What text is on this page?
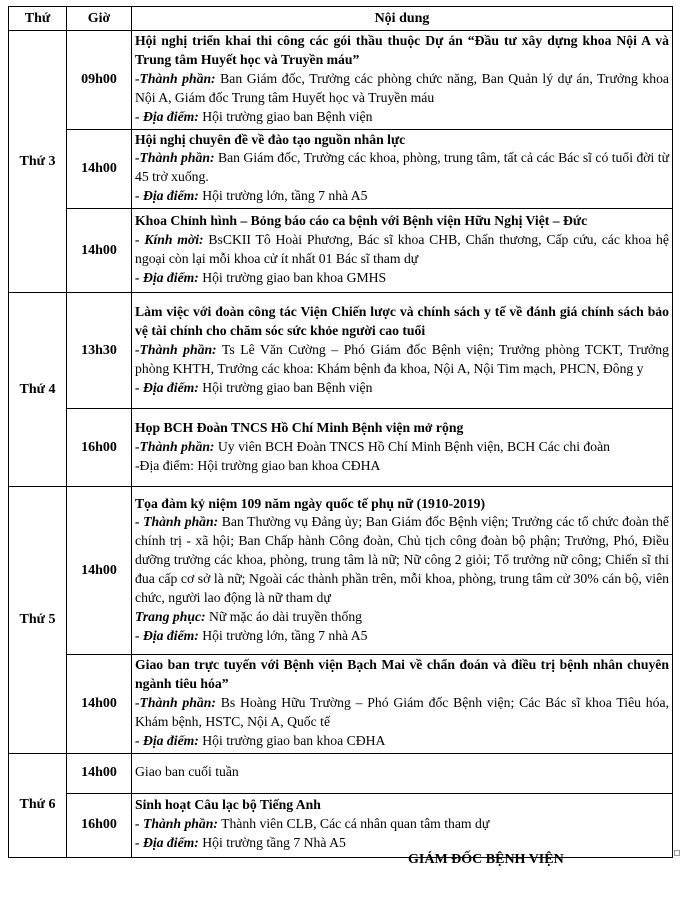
Thứ	Giờ	Nội dung
Thứ 3	09h00	Hội nghị triển khai thi công các gói thầu thuộc Dự án “Đầu tư xây dựng khoa Nội A và Trung tâm Huyết học và Truyền máu”
-Thành phần: Ban Giám đốc, Trưởng các phòng chức năng, Ban Quản lý dự án, Trưởng khoa Nội A, Giám đốc Trung tâm Huyết học và Truyền máu
- Địa điểm: Hội trường giao ban Bệnh viện

	14h00	Hội nghị chuyên đề về đào tạo nguồn nhân lực
-Thành phần: Ban Giám đốc, Trưởng các khoa, phòng, trung tâm, tất cả các Bác sĩ có tuổi đời từ 45 trở xuống.
- Địa điểm: Hội trường lớn, tầng 7 nhà A5

	14h00	Khoa Chỉnh hình – Bỏng báo cáo ca bệnh với Bệnh viện Hữu Nghị Việt – Đức
- Kính mời: BsCKII Tô Hoài Phương, Bác sĩ khoa CHB, Chấn thương, Cấp cứu, các khoa hệ ngoại còn lại mỗi khoa cử ít nhất 01 Bác sĩ tham dự
- Địa điểm: Hội trường giao ban khoa GMHS

Thứ 4	13h30	Làm việc với đoàn công tác Viện Chiến lược và chính sách y tế về đánh giá chính sách bảo vệ tài chính cho chăm sóc sức khỏe người cao tuổi
-Thành phần: Ts Lê Văn Cường – Phó Giám đốc Bệnh viện; Trưởng phòng TCKT, Trưởng phòng KHTH, Trưởng các khoa: Khám bệnh đa khoa, Nội A, Nội Tim mạch, PHCN, Đông y
- Địa điểm: Hội trường giao ban Bệnh viện

	16h00	Họp BCH Đoàn TNCS Hồ Chí Minh Bệnh viện mở rộng
-Thành phần: Uy viên BCH Đoàn TNCS Hồ Chí Minh Bệnh viện, BCH Các chi đoàn
-Địa điểm: Hội trường giao ban khoa CĐHA

Thứ 5	14h00	Tọa đàm kỷ niệm 109 năm ngày quốc tế phụ nữ (1910-2019)
- Thành phần: Ban Thường vụ Đảng ủy; Ban Giám đốc Bệnh viện; Trưởng các tổ chức đoàn thể chính trị - xã hội; Ban Chấp hành Công đoàn, Chủ tịch công đoàn bộ phận; Trưởng, Phó, Điều dưỡng trưởng các khoa, phòng, trung tâm là nữ; Nữ công 2 giỏi; Tổ trưởng nữ công; Chiến sĩ thi đua cấp cơ sở là nữ; Ngoài các thành phần trên, mỗi khoa, phòng, trung tâm cử 30% cán bộ, viên chức, người lao động là nữ tham dự
Trang phục: Nữ mặc áo dài truyền thống
- Địa điểm: Hội trường lớn, tầng 7 nhà A5

	14h00	Giao ban trực tuyến với Bệnh viện Bạch Mai về chẩn đoán và điều trị bệnh nhân chuyên ngành tiêu hóa”
-Thành phần: Bs Hoàng Hữu Trường – Phó Giám đốc Bệnh viện; Các Bác sĩ khoa Tiêu hóa, Khám bệnh, HSTC, Nội A, Quốc tế
- Địa điểm: Hội trường giao ban khoa CĐHA

Thứ 6	14h00	Giao ban cuối tuần

	16h00	Sinh hoạt Câu lạc bộ Tiếng Anh
- Thành phần: Thành viên CLB, Các cá nhân quan tâm tham dự
- Địa điểm: Hội trường tầng 7 Nhà A5
GIÁM ĐỐC BỆNH VIỆN
